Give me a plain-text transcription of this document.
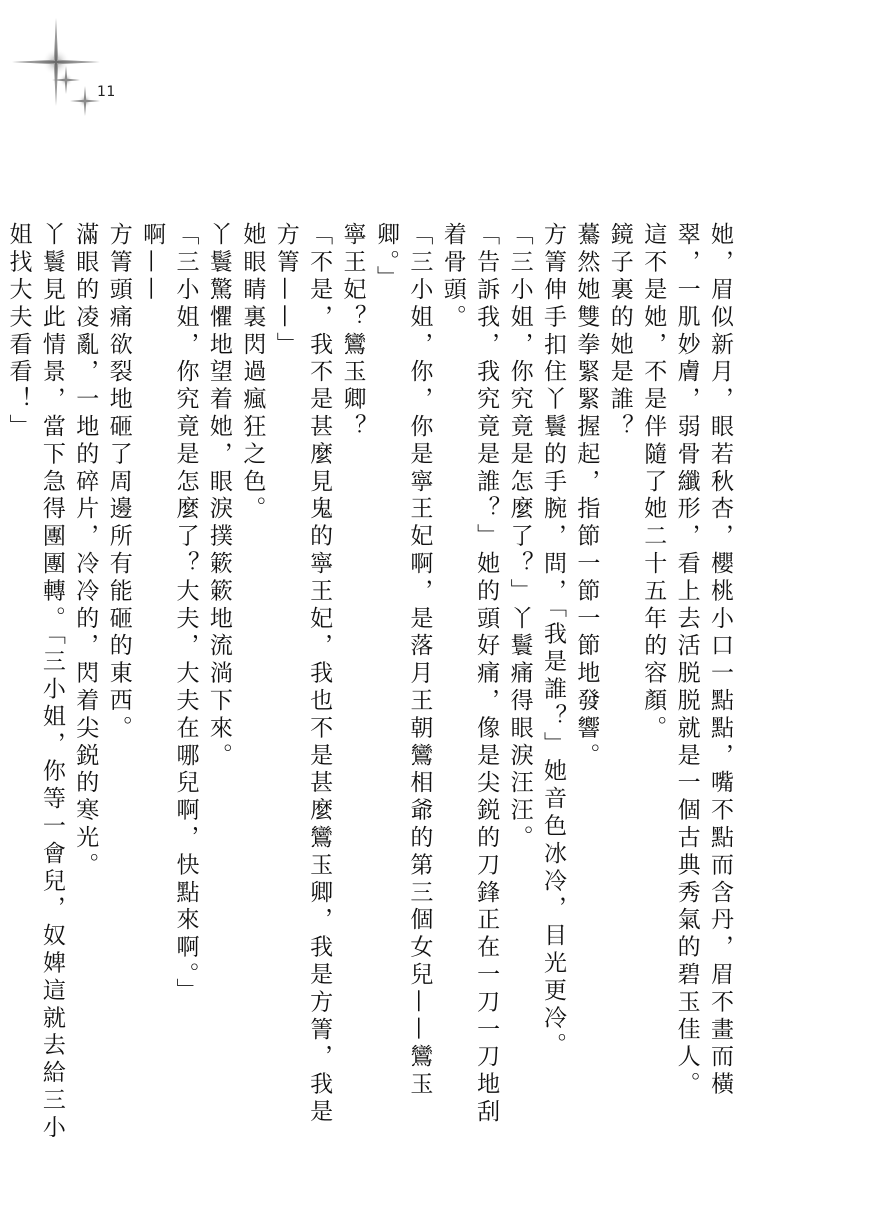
11

她，眉似新月，眼若秋杏，櫻桃小口一點點，嘴不點而含丹，眉不畫而橫翠，一肌妙膚，弱骨纖形，看上去活脱脱就是一個古典秀氣的碧玉佳人。

這不是她，不是伴隨了她二十五年的容顏。

鏡子裏的她是誰？

驀然她雙拳緊緊握起，指節一節一節地發響。

方箐伸手扣住丫鬟的手腕，問，「我是誰？」她音色冰冷，目光更冷。

「三小姐，你究竟是怎麼了？」丫鬟痛得眼淚汪汪。

「告訴我，我究竟是誰？」她的頭好痛，像是尖鋭的刀鋒正在一刀一刀地刮着骨頭。

「三小姐，你，你是寧王妃啊，是落月王朝鸞相爺的第三個女兒——鸞玉卿。」

寧王妃？鸞玉卿？

「不是，我不是甚麼見鬼的寧王妃，我也不是甚麼鸞玉卿，我是方箐，我是方箐——」

她眼睛裏閃過瘋狂之色。

丫鬟驚懼地望着她，眼淚撲簌簌地流淌下來。

「三小姐，你究竟是怎麼了？大夫，大夫在哪兒啊，快點來啊。」

啊——

方箐頭痛欲裂地砸了周邊所有能砸的東西。

滿眼的凌亂，一地的碎片，冷冷的，閃着尖鋭的寒光。

丫鬟見此情景，當下急得團團轉。「三小姐，你等一會兒，奴婢這就去給三小姐找大夫看看！」
